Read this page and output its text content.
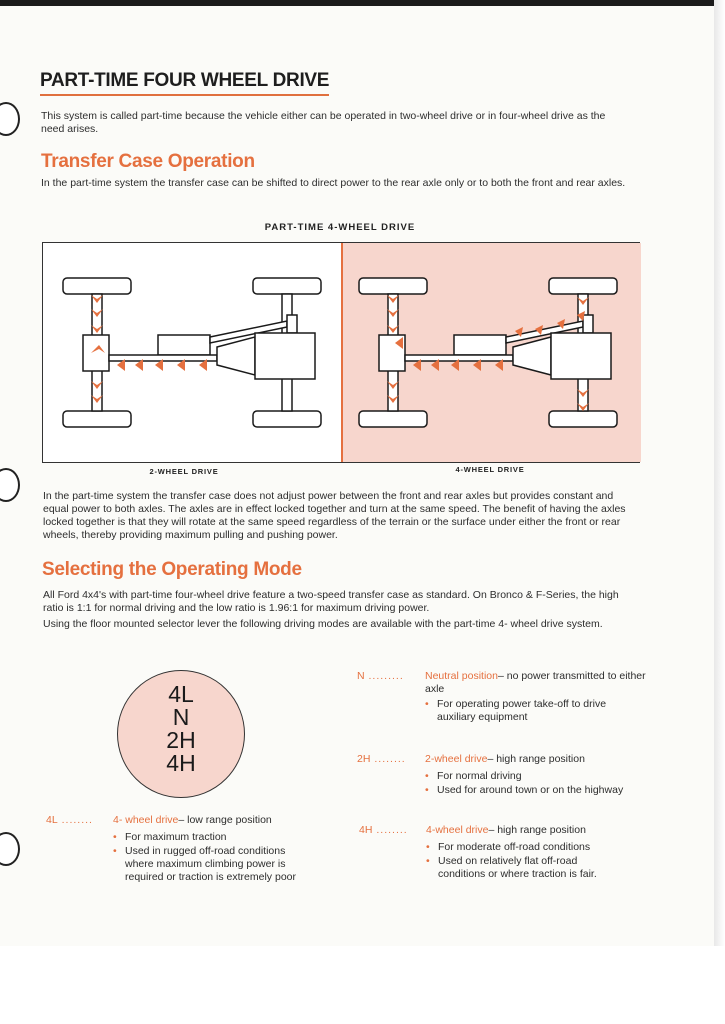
PART-TIME FOUR WHEEL DRIVE

This system is called part-time because the vehicle either can be operated in two-wheel drive or in four-wheel drive as the need arises.

Transfer Case Operation

In the part-time system the transfer case can be shifted to direct power to the rear axle only or to both the front and rear axles.

PART-TIME 4-WHEEL DRIVE
2-WHEEL DRIVE	4-WHEEL DRIVE

In the part-time system the transfer case does not adjust power between the front and rear axles but provides constant and equal power to both axles. The axles are in effect locked together and turn at the same speed. The benefit of having the axles locked together is that they will rotate at the same speed regardless of the terrain or the surface under either the front or rear wheels, thereby providing maximum pulling and pushing power.

Selecting the Operating Mode

All Ford 4x4's with part-time four-wheel drive feature a two-speed transfer case as standard. On Bronco & F-Series, the high ratio is 1:1 for normal driving and the low ratio is 1.96:1 for maximum driving power.

Using the floor mounted selector lever the following driving modes are available with the part-time 4- wheel drive system.

4L
N
2H
4H
N .........	Neutral position– no power transmitted to either axle
• For operating power take-off to drive auxiliary equipment
2H ........	2-wheel drive– high range position
• For normal driving
• Used for around town or on the highway
4H ........	4-wheel drive– high range position
• For moderate off-road conditions
• Used on relatively flat off-road conditions or where traction is fair.
4L ........	4- wheel drive– low range position
• For maximum traction
• Used in rugged off-road conditions where maximum climbing power is required or traction is extremely poor
